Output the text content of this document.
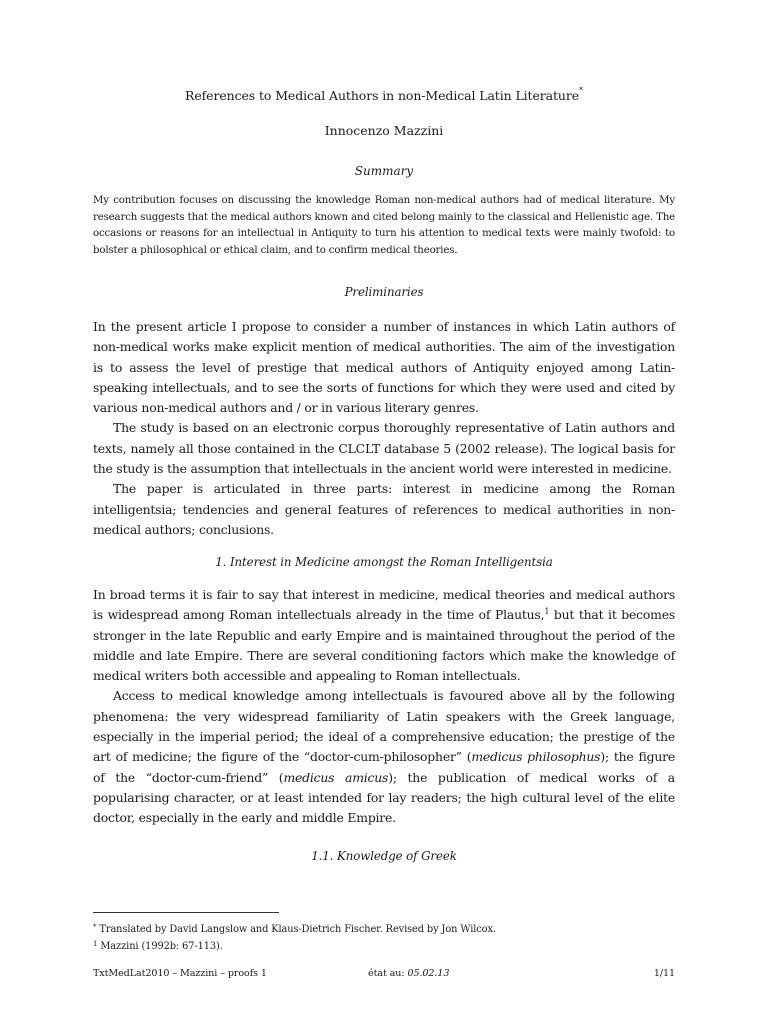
References to Medical Authors in non-Medical Latin Literature*
Innocenzo Mazzini
Summary
My contribution focuses on discussing the knowledge Roman non-medical authors had of medical literature. My research suggests that the medical authors known and cited belong mainly to the classical and Hellenistic age. The occasions or reasons for an intellectual in Antiquity to turn his attention to medical texts were mainly twofold: to bolster a philosophical or ethical claim, and to confirm medical theories.
Preliminaries

In the present article I propose to consider a number of instances in which Latin authors of non-medical works make explicit mention of medical authorities. The aim of the investigation is to assess the level of prestige that medical authors of Antiquity enjoyed among Latin-speaking intellectuals, and to see the sorts of functions for which they were used and cited by various non-medical authors and / or in various literary genres.

The study is based on an electronic corpus thoroughly representative of Latin authors and texts, namely all those contained in the CLCLT database 5 (2002 release). The logical basis for the study is the assumption that intellectuals in the ancient world were interested in medicine.

The paper is articulated in three parts: interest in medicine among the Roman intelligentsia; tendencies and general features of references to medical authorities in non-medical authors; conclusions.

1. Interest in Medicine amongst the Roman Intelligentsia

In broad terms it is fair to say that interest in medicine, medical theories and medical authors is widespread among Roman intellectuals already in the time of Plautus,$^1$ but that it becomes stronger in the late Republic and early Empire and is maintained throughout the period of the middle and late Empire. There are several conditioning factors which make the knowledge of medical writers both accessible and appealing to Roman intellectuals.

Access to medical knowledge among intellectuals is favoured above all by the following phenomena: the very widespread familiarity of Latin speakers with the Greek language, especially in the imperial period; the ideal of a comprehensive education; the prestige of the art of medicine; the figure of the “doctor-cum-philosopher” (medicus philosophus); the figure of the “doctor-cum-friend” (medicus amicus); the publication of medical works of a popularising character, or at least intended for lay readers; the high cultural level of the elite doctor, especially in the early and middle Empire.

1.1. Knowledge of Greek
* Translated by David Langslow and Klaus-Dietrich Fischer. Revised by Jon Wilcox.
$^1$ Mazzini (1992b: 67-113).
TxtMedLat2010 – Mazzini – proofs 1	état au: 05.02.13	1/11
